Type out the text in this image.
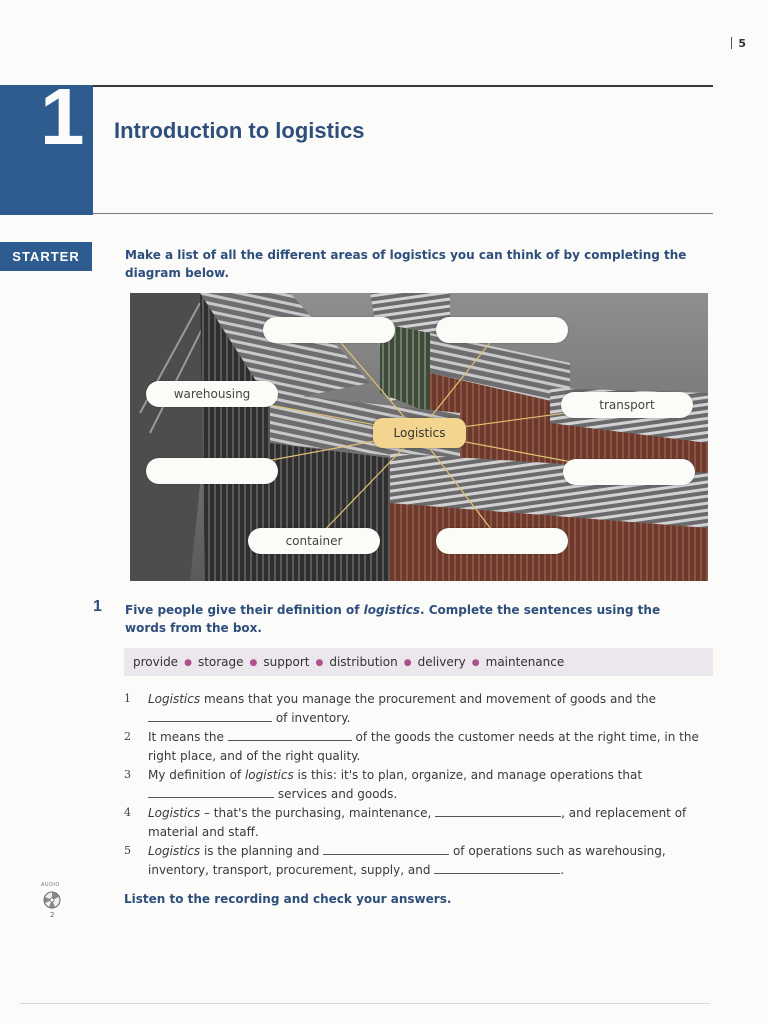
5
1 Introduction to logistics
STARTER	Make a list of all the different areas of logistics you can think of by completing the diagram below.
warehousing
transport
Logistics
container
1 Five people give their definition of logistics. Complete the sentences using the words from the box.
provide ● storage ● support ● distribution ● delivery ● maintenance
1 Logistics means that you manage the procurement and movement of goods and the  of inventory.
2 It means the	of the goods the customer needs at the right time, in the right place, and of the right quality.
3 My definition of logistics is this: it's to plan, organize, and manage operations that  services and goods.
4 Logistics – that's the purchasing, maintenance,	, and replacement of material and staff.
5 Logistics is the planning and	of operations such as warehousing, inventory, transport, procurement, supply, and	.
AUDIO
2
Listen to the recording and check your answers.
